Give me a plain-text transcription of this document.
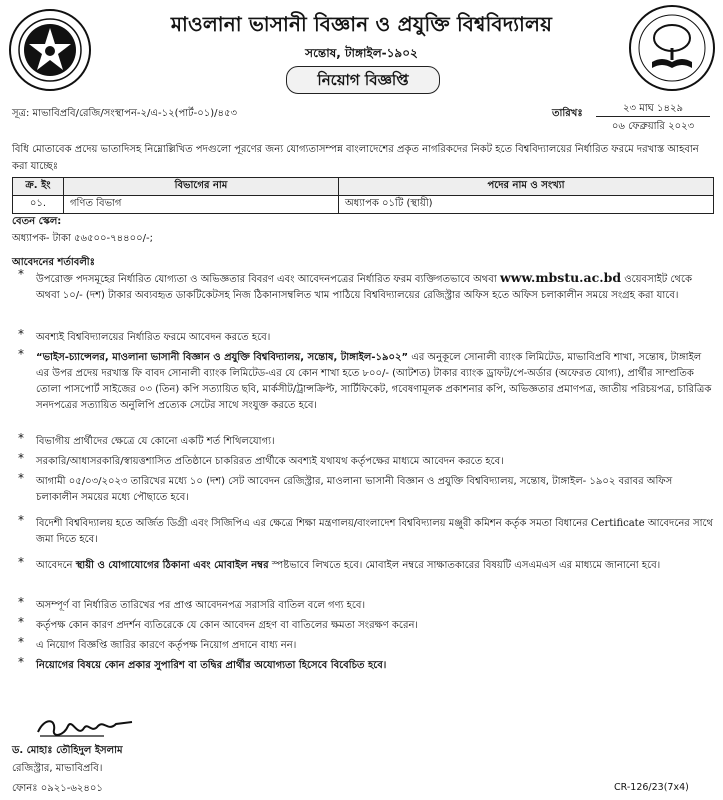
মাওলানা ভাসানী বিজ্ঞান ও প্রযুক্তি বিশ্ববিদ্যালয়
সন্তোষ, টাঙ্গাইল-১৯০২
নিয়োগ বিজ্ঞপ্তি
সূত্র: মাভাবিপ্রবি/রেজি/সংস্থাপন-২/এ-১২(পার্ট-০১)/৪৫৩	তারিখঃ	২৩ মাঘ ১৪২৯
০৬ ফেব্রুয়ারি ২০২৩
বিধি মোতাবেক প্রদেয় ভাতাদিসহ নিম্নোল্লিখিত পদগুলো পূরণের জন্য যোগ্যতাসম্পন্ন বাংলাদেশের প্রকৃত নাগরিকদের নিকট হতে বিশ্ববিদ্যালয়ের নির্ধারিত ফরমে দরখাস্ত আহবান করা যাচ্ছেঃ
ক্র. ইং	বিভাগের নাম	পদের নাম ও সংখ্যা
০১.	গণিত বিভাগ	অধ্যাপক ০১টি (স্থায়ী)
বেতন স্কেল:
অধ্যাপক- টাকা ৫৬৫০০-৭৪৪০০/-;
আবেদনের শর্তাবলীঃ
* উপরোক্ত পদসমূহের নির্ধারিত যোগ্যতা ও অভিজ্ঞতার বিবরণ এবং আবেদনপত্রের নির্ধারিত ফরম ব্যক্তিগতভাবে অথবা www.mbstu.ac.bd ওয়েবসাইট থেকে অথবা ১০/- (দশ) টাকার অব্যবহৃত ডাকটিকেটসহ নিজ ঠিকানাসম্বলিত খাম পাঠিয়ে বিশ্ববিদ্যালয়ের রেজিস্ট্রার অফিস হতে অফিস চলাকালীন সময়ে সংগ্রহ করা যাবে।
* অবশ্যই বিশ্ববিদ্যালয়ের নির্ধারিত ফরমে আবেদন করতে হবে।
* “ভাইস-চ্যান্সেলর, মাওলানা ভাসানী বিজ্ঞান ও প্রযুক্তি বিশ্ববিদ্যালয়, সন্তোষ, টাঙ্গাইল-১৯০২” এর অনুকূলে সোনালী ব্যাংক লিমিটেড, মাভাবিপ্রবি শাখা, সন্তোষ, টাঙ্গাইল এর উপর প্রদেয় দরখাস্ত ফি বাবদ সোনালী ব্যাংক লিমিটেড-এর যে কোন শাখা হতে ৮০০/- (আটশত) টাকার ব্যাংক ড্রাফট/পে-অর্ডার (অফেরত যোগ্য), প্রার্থীর সাম্প্রতিক তোলা পাসপোর্ট সাইজের ০৩ (তিন) কপি সত্যায়িত ছবি, মার্কসীট/ট্রান্সক্রিপ্ট, সার্টিফিকেট, গবেষণামূলক প্রকাশনার কপি, অভিজ্ঞতার প্রমাণপত্র, জাতীয় পরিচয়পত্র, চারিত্রিক সনদপত্রের সত্যায়িত অনুলিপি প্রত্যেক সেটের সাথে সংযুক্ত করতে হবে।
* বিভাগীয় প্রার্থীদের ক্ষেত্রে যে কোনো একটি শর্ত শিথিলযোগ্য।
* সরকারি/আধাসরকারি/স্বায়ত্তশাসিত প্রতিষ্ঠানে চাকরিরত প্রার্থীকে অবশ্যই যথাযথ কর্তৃপক্ষের মাধ্যমে আবেদন করতে হবে।
* আগামী ০৫/০৩/২০২৩ তারিখের মধ্যে ১০ (দশ) সেট আবেদন রেজিস্ট্রার, মাওলানা ভাসানী বিজ্ঞান ও প্রযুক্তি বিশ্ববিদ্যালয়, সন্তোষ, টাঙ্গাইল- ১৯০২ বরাবর অফিস চলাকালীন সময়ের মধ্যে পৌছাতে হবে।
* বিদেশী বিশ্ববিদ্যালয় হতে অর্জিত ডিগ্রী এবং সিজিপিএ এর ক্ষেত্রে শিক্ষা মন্ত্রণালয়/বাংলাদেশ বিশ্ববিদ্যালয় মঞ্জুরী কমিশন কর্তৃক সমতা বিধানের Certificate আবেদনের সাথে জমা দিতে হবে।
* আবেদনে স্থায়ী ও যোগাযোগের ঠিকানা এবং মোবাইল নম্বর স্পষ্টভাবে লিখতে হবে। মোবাইল নম্বরে সাক্ষাতকারের বিষয়টি এসএমএস এর মাধ্যমে জানানো হবে।
* অসম্পূর্ণ বা নির্ধারিত তারিখের পর প্রাপ্ত আবেদনপত্র সরাসরি বাতিল বলে গণ্য হবে।
* কর্তৃপক্ষ কোন কারণ প্রদর্শন ব্যতিরেকে যে কোন আবেদন গ্রহণ বা বাতিলের ক্ষমতা সংরক্ষণ করেন।
* এ নিয়োগ বিজ্ঞপ্তি জারির কারণে কর্তৃপক্ষ নিয়োগ প্রদানে বাধ্য নন।
* নিয়োগের বিষয়ে কোন প্রকার সুপারিশ বা তদ্বির প্রার্থীর অযোগ্যতা হিসেবে বিবেচিত হবে।
ড. মোহাঃ তৌহিদুল ইসলাম
রেজিস্ট্রার, মাভাবিপ্রবি।
ফোনঃ ০৯২১-৬২৪০১	CR-126/23(7x4)
